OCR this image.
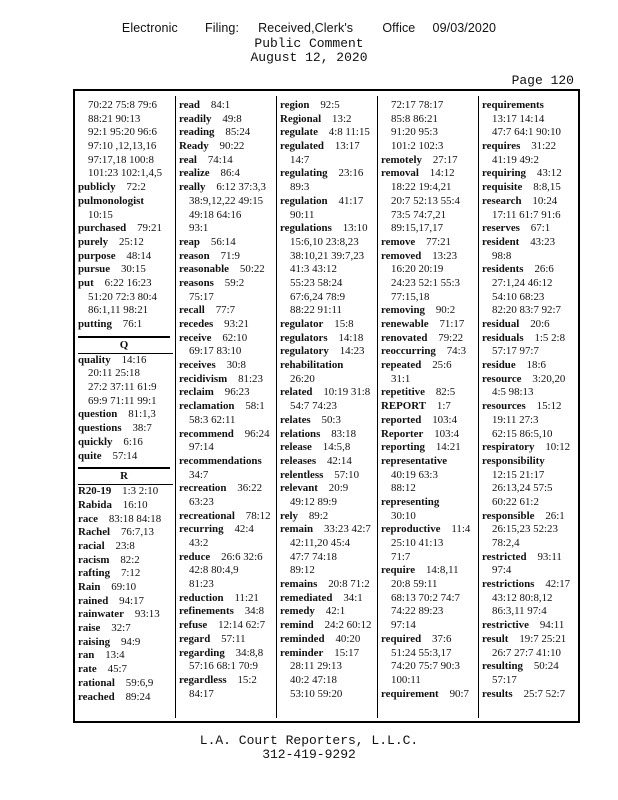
Electronic Filing: Received,Clerk's Office 09/03/2020
Public Comment
August 12, 2020
Page 120
70:22 75:8 79:6
88:21 90:13
92:1 95:20 96:6
97:10 ,12,13,16
97:17,18 100:8
101:23 102:1,4,5
publicly  72:2
pulmonologist
10:15
purchased  79:21
purely  25:12
purpose  48:14
pursue  30:15
put  6:22 16:23
51:20 72:3 80:4
86:1,11 98:21
putting  76:1
Q
quality  14:16
20:11 25:18
27:2 37:11 61:9
69:9 71:11 99:1
question  81:1,3
questions  38:7
quickly  6:16
quite  57:14
R
R20-19  1:3 2:10
Rabida  16:10
race  83:18 84:18
Rachel  76:7,13
racial  23:8
racism  82:2
rafting  7:12
Rain  69:10
rained  94:17
rainwater  93:13
raise  32:7
raising  94:9
ran  13:4
rate  45:7
rational  59:6,9
reached  89:24
read  84:1
readily  49:8
reading  85:24
Ready  90:22
real  74:14
realize  86:4
really  6:12 37:3,3
38:9,12,22 49:15
49:18 64:16
93:1
reap  56:14
reason  71:9
reasonable  50:22
reasons  59:2
75:17
recall  77:7
recedes  93:21
receive  62:10
69:17 83:10
receives  30:8
recidivism  81:23
reclaim  96:23
reclamation  58:1
58:3 62:11
recommend  96:24
97:14
recommendations
34:7
recreation  36:22
63:23
recreational  78:12
recurring  42:4
43:2
reduce  26:6 32:6
42:8 80:4,9
81:23
reduction  11:21
refinements  34:8
refuse  12:14 62:7
regard  57:11
regarding  34:8,8
57:16 68:1 70:9
regardless  15:2
84:17
region  92:5
Regional  13:2
regulate  4:8 11:15
regulated  13:17
14:7
regulating  23:16
89:3
regulation  41:17
90:11
regulations  13:10
15:6,10 23:8,23
38:10,21 39:7,23
41:3 43:12
55:23 58:24
67:6,24 78:9
88:22 91:11
regulator  15:8
regulators  14:18
regulatory  14:23
rehabilitation
26:20
related  10:19 31:8
54:7 74:23
relates  50:3
relations  83:18
release  14:5,8
releases  42:14
relentless  57:10
relevant  20:9
49:12 89:9
rely  89:2
remain  33:23 42:7
42:11,20 45:4
47:7 74:18
89:12
remains  20:8 71:2
remediated  34:1
remedy  42:1
remind  24:2 60:12
reminded  40:20
reminder  15:17
28:11 29:13
40:2 47:18
53:10 59:20
72:17 78:17
85:8 86:21
91:20 95:3
101:2 102:3
remotely  27:17
removal  14:12
18:22 19:4,21
20:7 52:13 55:4
73:5 74:7,21
89:15,17,17
remove  77:21
removed  13:23
16:20 20:19
24:23 52:1 55:3
77:15,18
removing  90:2
renewable  71:17
renovated  79:22
reoccurring  74:3
repeated  25:6
31:1
repetitive  82:5
REPORT  1:7
reported  103:4
Reporter  103:4
reporting  14:21
representative
40:19 63:3
88:12
representing
30:10
reproductive  11:4
25:10 41:13
71:7
require  14:8,11
20:8 59:11
68:13 70:2 74:7
74:22 89:23
97:14
required  37:6
51:24 55:3,17
74:20 75:7 90:3
100:11
requirement  90:7
requirements
13:17 14:14
47:7 64:1 90:10
requires  31:22
41:19 49:2
requiring  43:12
requisite  8:8,15
research  10:24
17:11 61:7 91:6
reserves  67:1
resident  43:23
98:8
residents  26:6
27:1,24 46:12
54:10 68:23
82:20 83:7 92:7
residual  20:6
residuals  1:5 2:8
57:17 97:7
residue  18:6
resource  3:20,20
4:5 98:13
resources  15:12
19:11 27:3
62:15 86:5,10
respiratory  10:12
responsibility
12:15 21:17
26:13,24 57:5
60:22 61:2
responsible  26:1
26:15,23 52:23
78:2,4
restricted  93:11
97:4
restrictions  42:17
43:12 80:8,12
86:3,11 97:4
restrictive  94:11
result  19:7 25:21
26:7 27:7 41:10
resulting  50:24
57:17
results  25:7 52:7
L.A. Court Reporters, L.L.C.
312-419-9292
